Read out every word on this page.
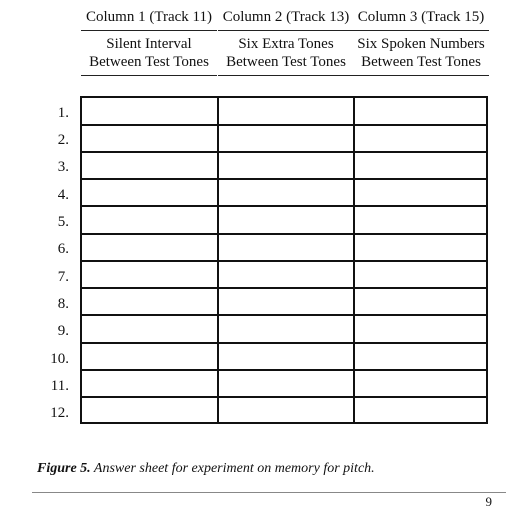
Column 1 (Track 11)
Silent Interval
Between Test Tones
Column 2 (Track 13)
Six Extra Tones
Between Test Tones
Column 3 (Track 15)
Six Spoken Numbers
Between Test Tones
1.
2.
3.
4.
5.
6.
7.
8.
9.
10.
11.
12.
Figure 5. Answer sheet for experiment on memory for pitch.
9
